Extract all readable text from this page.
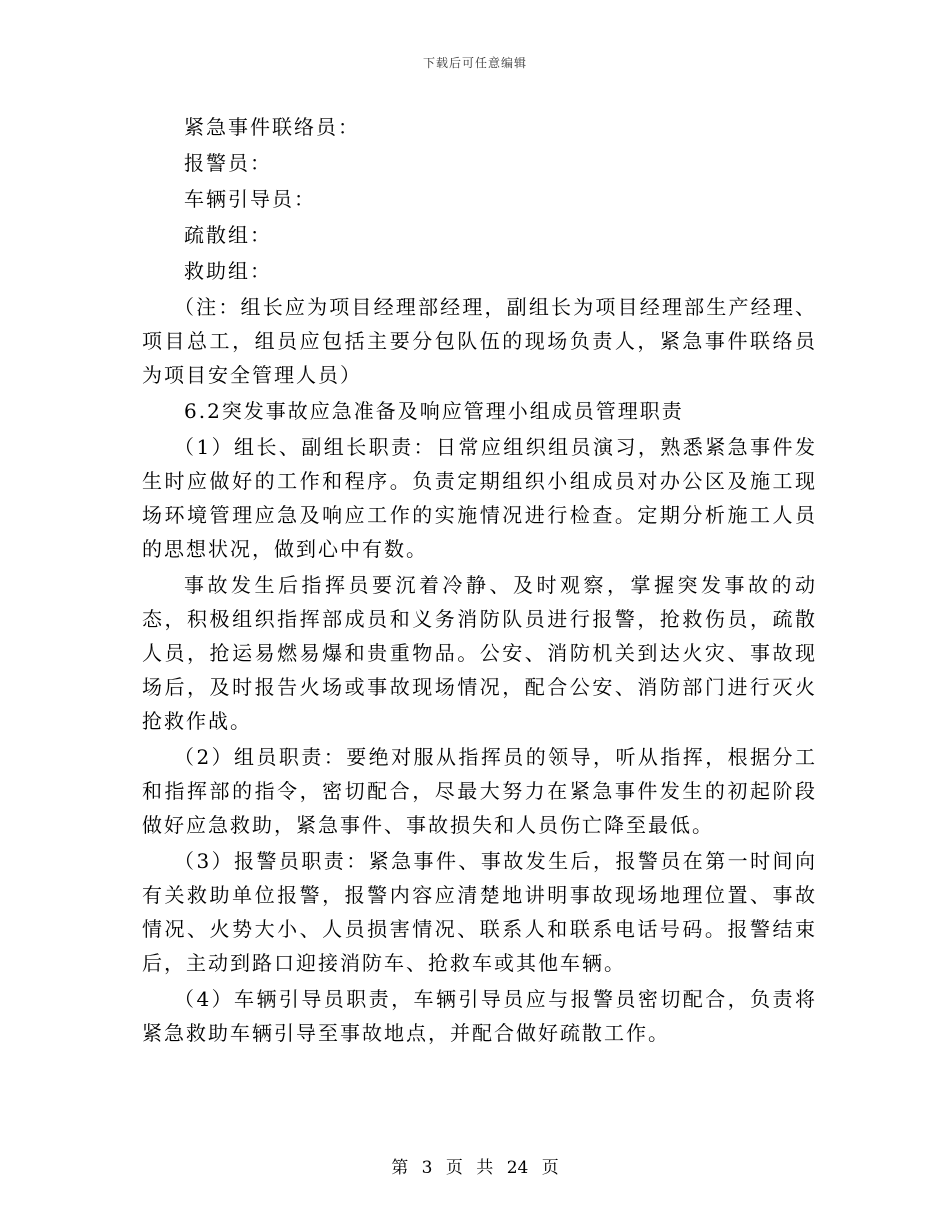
下载后可任意编辑

紧急事件联络员：

报警员：

车辆引导员：

疏散组：

救助组：

（注：组长应为项目经理部经理，副组长为项目经理部生产经理、项目总工，组员应包括主要分包队伍的现场负责人，紧急事件联络员为项目安全管理人员）

6.2突发事故应急准备及响应管理小组成员管理职责

（1）组长、副组长职责：日常应组织组员演习，熟悉紧急事件发生时应做好的工作和程序。负责定期组织小组成员对办公区及施工现场环境管理应急及响应工作的实施情况进行检查。定期分析施工人员的思想状况，做到心中有数。

事故发生后指挥员要沉着冷静、及时观察，掌握突发事故的动态，积极组织指挥部成员和义务消防队员进行报警，抢救伤员，疏散人员，抢运易燃易爆和贵重物品。公安、消防机关到达火灾、事故现场后，及时报告火场或事故现场情况，配合公安、消防部门进行灭火抢救作战。

（2）组员职责：要绝对服从指挥员的领导，听从指挥，根据分工和指挥部的指令，密切配合，尽最大努力在紧急事件发生的初起阶段做好应急救助，紧急事件、事故损失和人员伤亡降至最低。

（3）报警员职责：紧急事件、事故发生后，报警员在第一时间向有关救助单位报警，报警内容应清楚地讲明事故现场地理位置、事故情况、火势大小、人员损害情况、联系人和联系电话号码。报警结束后，主动到路口迎接消防车、抢救车或其他车辆。

（4）车辆引导员职责，车辆引导员应与报警员密切配合，负责将紧急救助车辆引导至事故地点，并配合做好疏散工作。

第 3 页 共 24 页
